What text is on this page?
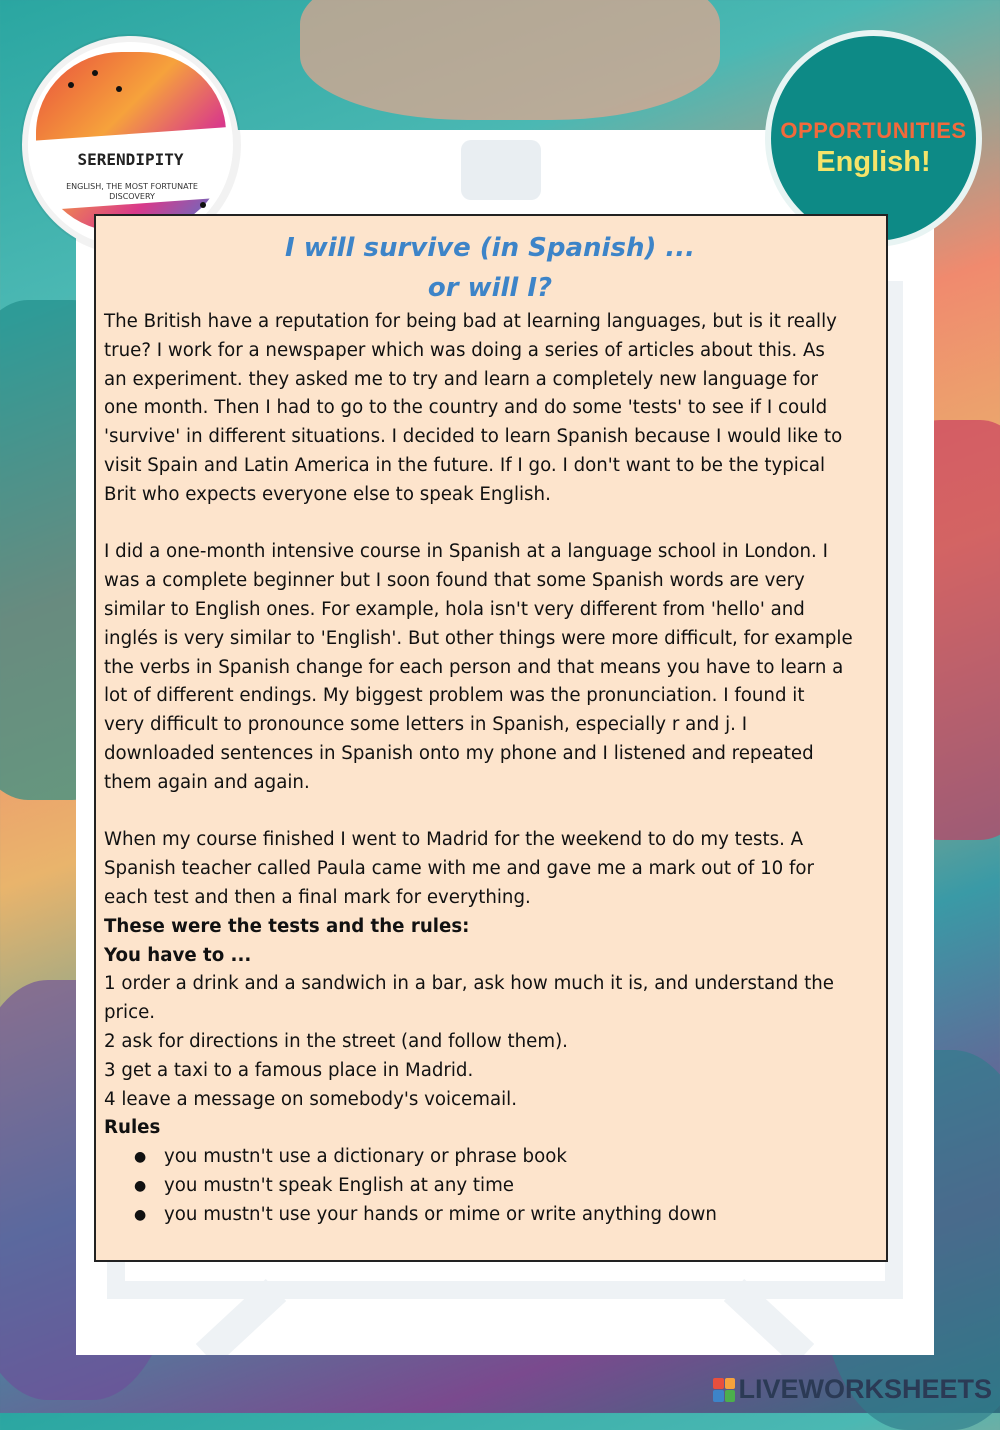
SERENDIPITY
ENGLISH, THE MOST FORTUNATE DISCOVERY
OPPORTUNITIES
English!

I will survive (in Spanish) ...
or will I?

The British have a reputation for being bad at learning languages, but is it really
true? I work for a newspaper which was doing a series of articles about this. As
an experiment. they asked me to try and learn a completely new language for
one month. Then I had to go to the country and do some 'tests' to see if I could
'survive' in different situations. I decided to learn Spanish because I would like to
visit Spain and Latin America in the future. If I go. I don't want to be the typical
Brit who expects everyone else to speak English.

I did a one-month intensive course in Spanish at a language school in London. I
was a complete beginner but I soon found that some Spanish words are very
similar to English ones. For example, hola isn't very different from 'hello' and
inglés is very similar to 'English'. But other things were more difficult, for example
the verbs in Spanish change for each person and that means you have to learn a
lot of different endings. My biggest problem was the pronunciation. I found it
very difficult to pronounce some letters in Spanish, especially r and j. I
downloaded sentences in Spanish onto my phone and I listened and repeated
them again and again.

When my course finished I went to Madrid for the weekend to do my tests. A
Spanish teacher called Paula came with me and gave me a mark out of 10 for
each test and then a final mark for everything.

These were the tests and the rules:
You have to ...
1 order a drink and a sandwich in a bar, ask how much it is, and understand the
price.
2 ask for directions in the street (and follow them).
3 get a taxi to a famous place in Madrid.
4 leave a message on somebody's voicemail.
Rules
● you mustn't use a dictionary or phrase book
● you mustn't speak English at any time
● you mustn't use your hands or mime or write anything down
LIVEWORKSHEETS
